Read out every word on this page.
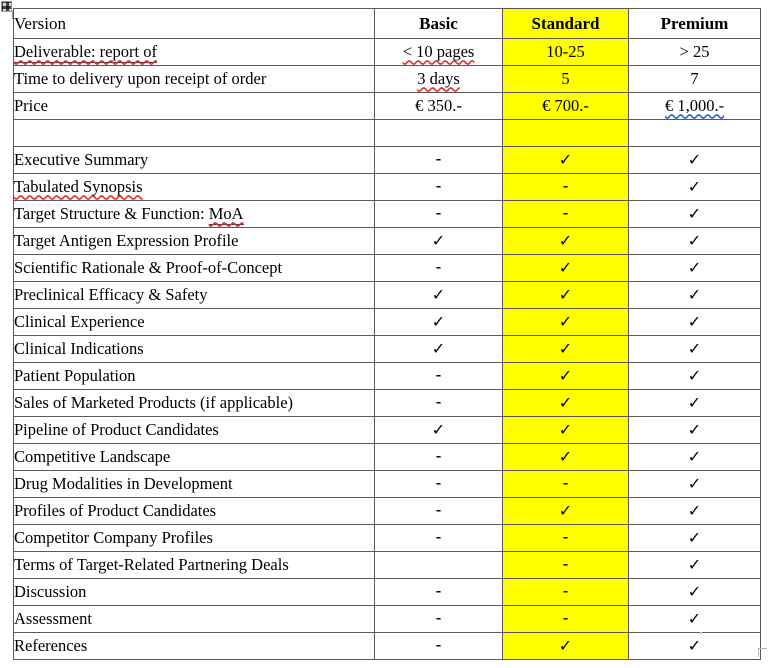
Version	Basic	Standard	Premium
Deliverable: report of	< 10 pages	10-25	> 25
Time to delivery upon receipt of order	3 days	5	7
Price	€ 350.-	€ 700.-	€ 1,000.-

Executive Summary	-	✓	✓
Tabulated Synopsis	-	-	✓
Target Structure & Function: MoA	-	-	✓
Target Antigen Expression Profile	✓	✓	✓
Scientific Rationale & Proof-of-Concept	-	✓	✓
Preclinical Efficacy & Safety	✓	✓	✓
Clinical Experience	✓	✓	✓
Clinical Indications	✓	✓	✓
Patient Population	-	✓	✓
Sales of Marketed Products (if applicable)	-	✓	✓
Pipeline of Product Candidates	✓	✓	✓
Competitive Landscape	-	✓	✓
Drug Modalities in Development	-	-	✓
Profiles of Product Candidates	-	✓	✓
Competitor Company Profiles	-	-	✓
Terms of Target-Related Partnering Deals		-	✓
Discussion	-	-	✓
Assessment	-	-	✓
References	-	✓	✓
